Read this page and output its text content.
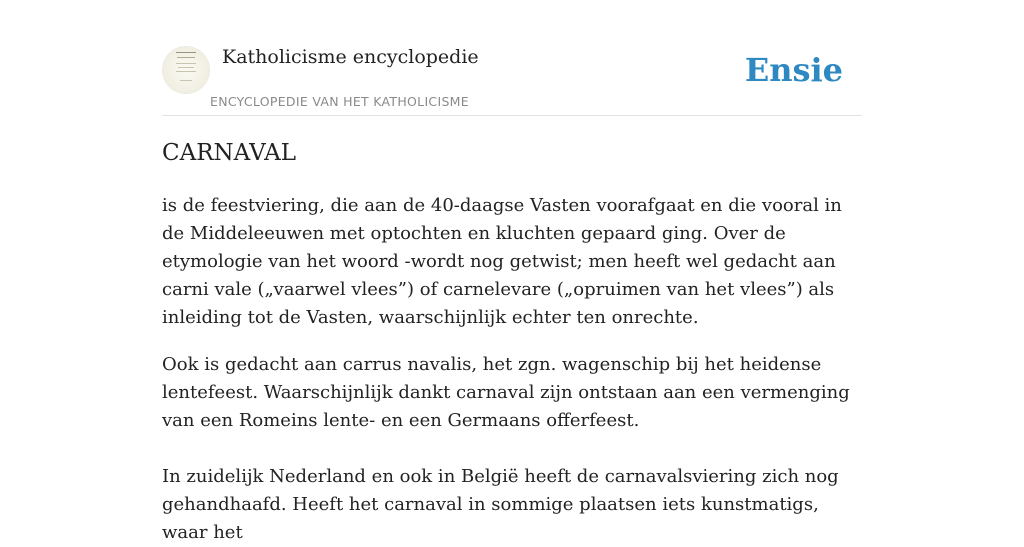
Katholicisme encyclopedie
ENCYCLOPEDIE VAN HET KATHOLICISME
Ensie
CARNAVAL

is de feestviering, die aan de 40-daagse Vasten voorafgaat en die vooral in de Middeleeuwen met optochten en kluchten gepaard ging. Over de etymologie van het woord -wordt nog getwist; men heeft wel gedacht aan carni vale („vaarwel vlees”) of carnelevare („opruimen van het vlees”) als inleiding tot de Vasten, waarschijnlijk echter ten onrechte.

Ook is gedacht aan carrus navalis, het zgn. wagenschip bij het heidense lentefeest. Waarschijnlijk dankt carnaval zijn ontstaan aan een vermenging van een Romeins lente- en een Germaans offerfeest.

In zuidelijk Nederland en ook in België heeft de carnavalsviering zich nog gehandhaafd. Heeft het carnaval in sommige plaatsen iets kunstmatigs, waar het
